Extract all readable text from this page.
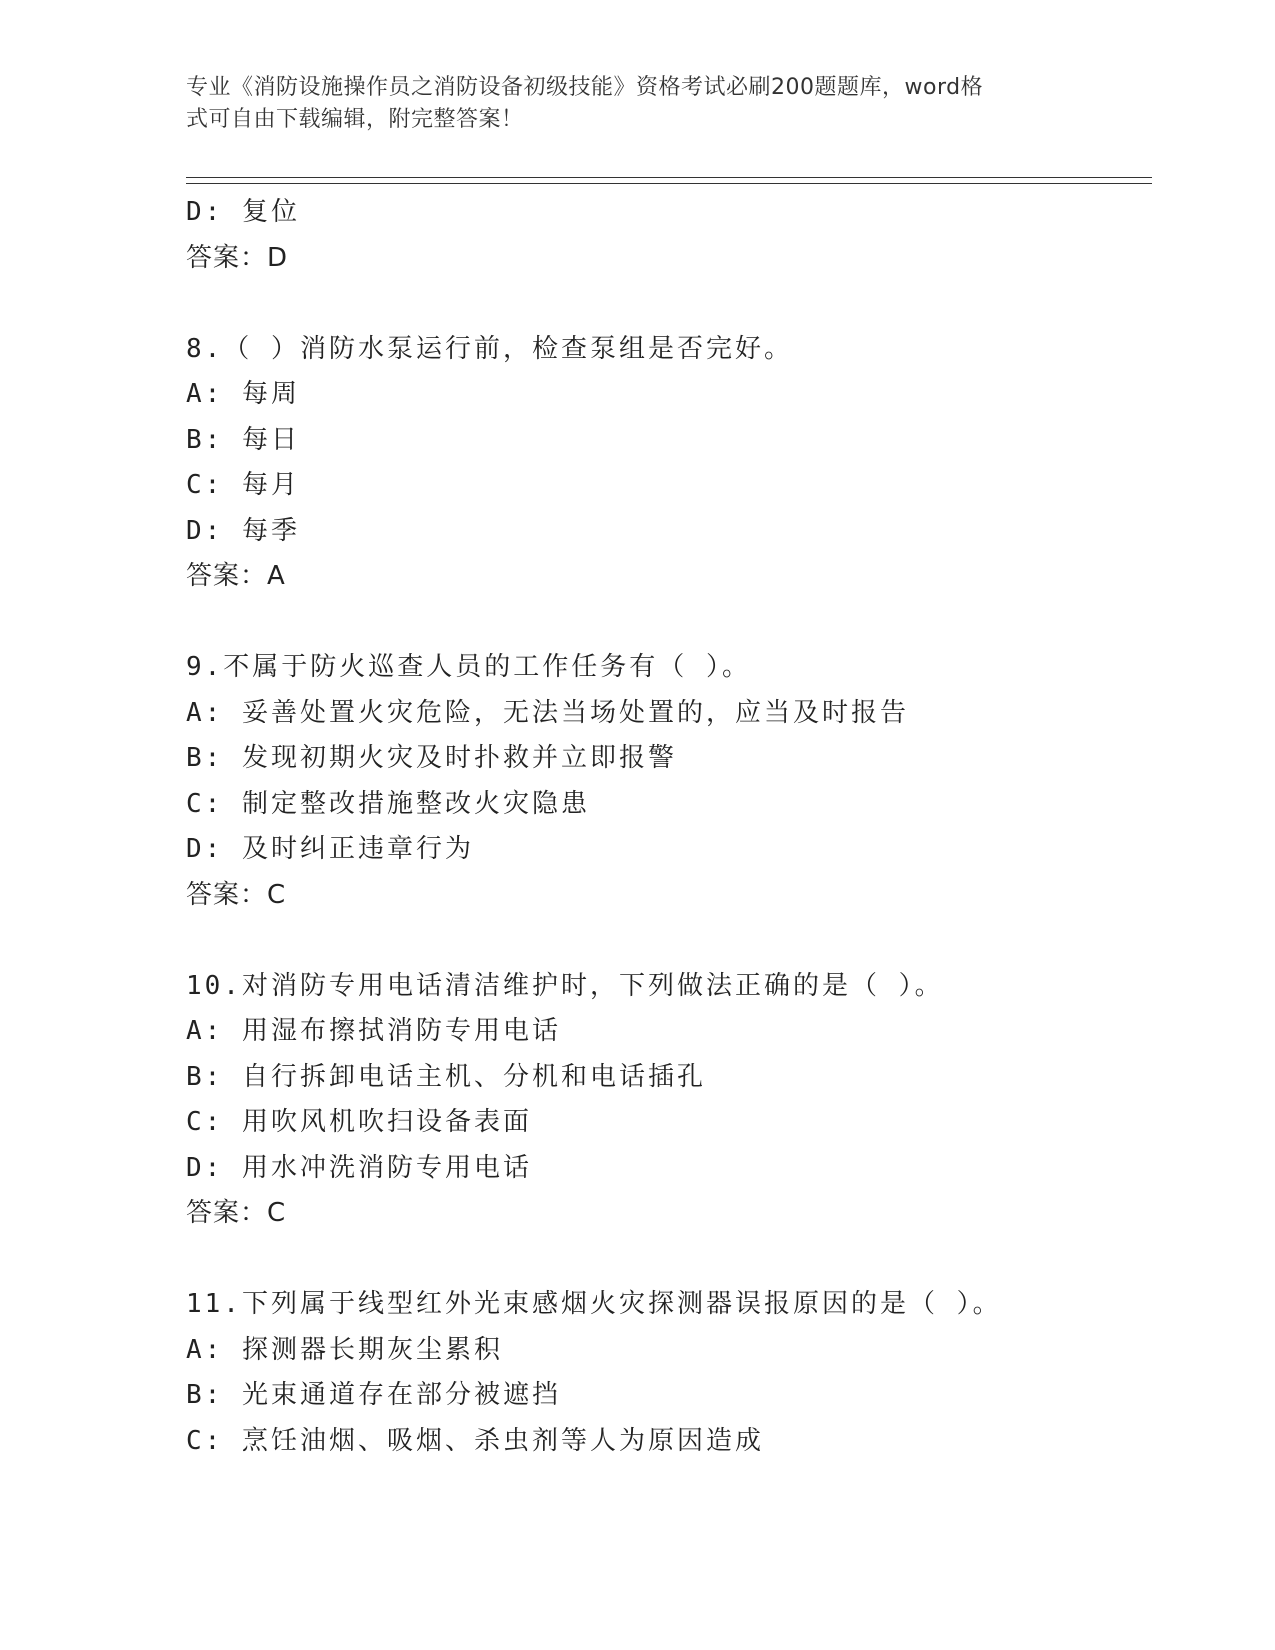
专业《消防设施操作员之消防设备初级技能》资格考试必刷200题题库，word格
式可自由下载编辑，附完整答案！
D: 复位
答案：D
8.（ ）消防水泵运行前，检查泵组是否完好。
A: 每周
B: 每日
C: 每月
D: 每季
答案：A
9.不属于防火巡查人员的工作任务有（ ）。
A: 妥善处置火灾危险，无法当场处置的，应当及时报告
B: 发现初期火灾及时扑救并立即报警
C: 制定整改措施整改火灾隐患
D: 及时纠正违章行为
答案：C
10.对消防专用电话清洁维护时，下列做法正确的是（ ）。
A: 用湿布擦拭消防专用电话
B: 自行拆卸电话主机、分机和电话插孔
C: 用吹风机吹扫设备表面
D: 用水冲洗消防专用电话
答案：C
11.下列属于线型红外光束感烟火灾探测器误报原因的是（ ）。
A: 探测器长期灰尘累积
B: 光束通道存在部分被遮挡
C: 烹饪油烟、吸烟、杀虫剂等人为原因造成
